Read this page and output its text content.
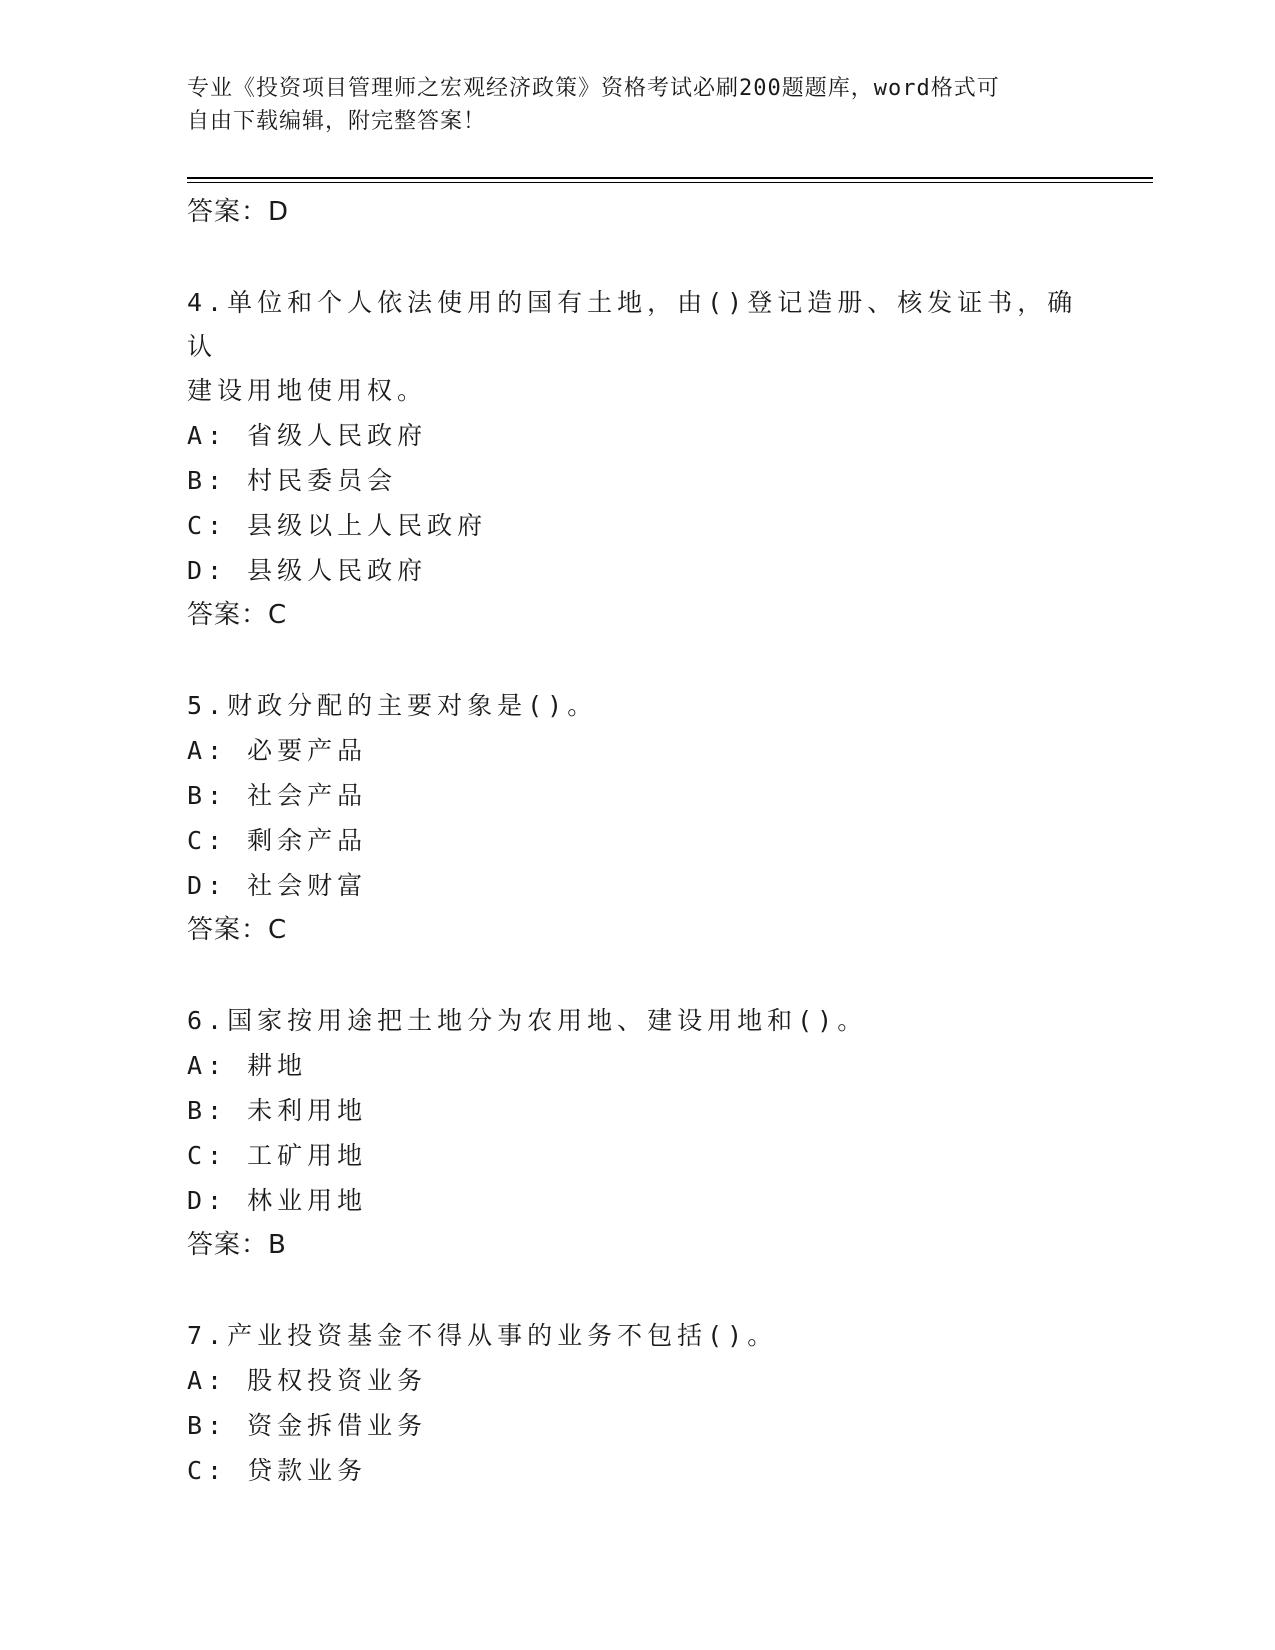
专业《投资项目管理师之宏观经济政策》资格考试必刷200题题库，word格式可
自由下载编辑，附完整答案！
答案：D
4.单位和个人依法使用的国有土地，由()登记造册、核发证书，确认
建设用地使用权。
A: 省级人民政府
B: 村民委员会
C: 县级以上人民政府
D: 县级人民政府
答案：C
5.财政分配的主要对象是()。
A: 必要产品
B: 社会产品
C: 剩余产品
D: 社会财富
答案：C
6.国家按用途把土地分为农用地、建设用地和()。
A: 耕地
B: 未利用地
C: 工矿用地
D: 林业用地
答案：B
7.产业投资基金不得从事的业务不包括()。
A: 股权投资业务
B: 资金拆借业务
C: 贷款业务
